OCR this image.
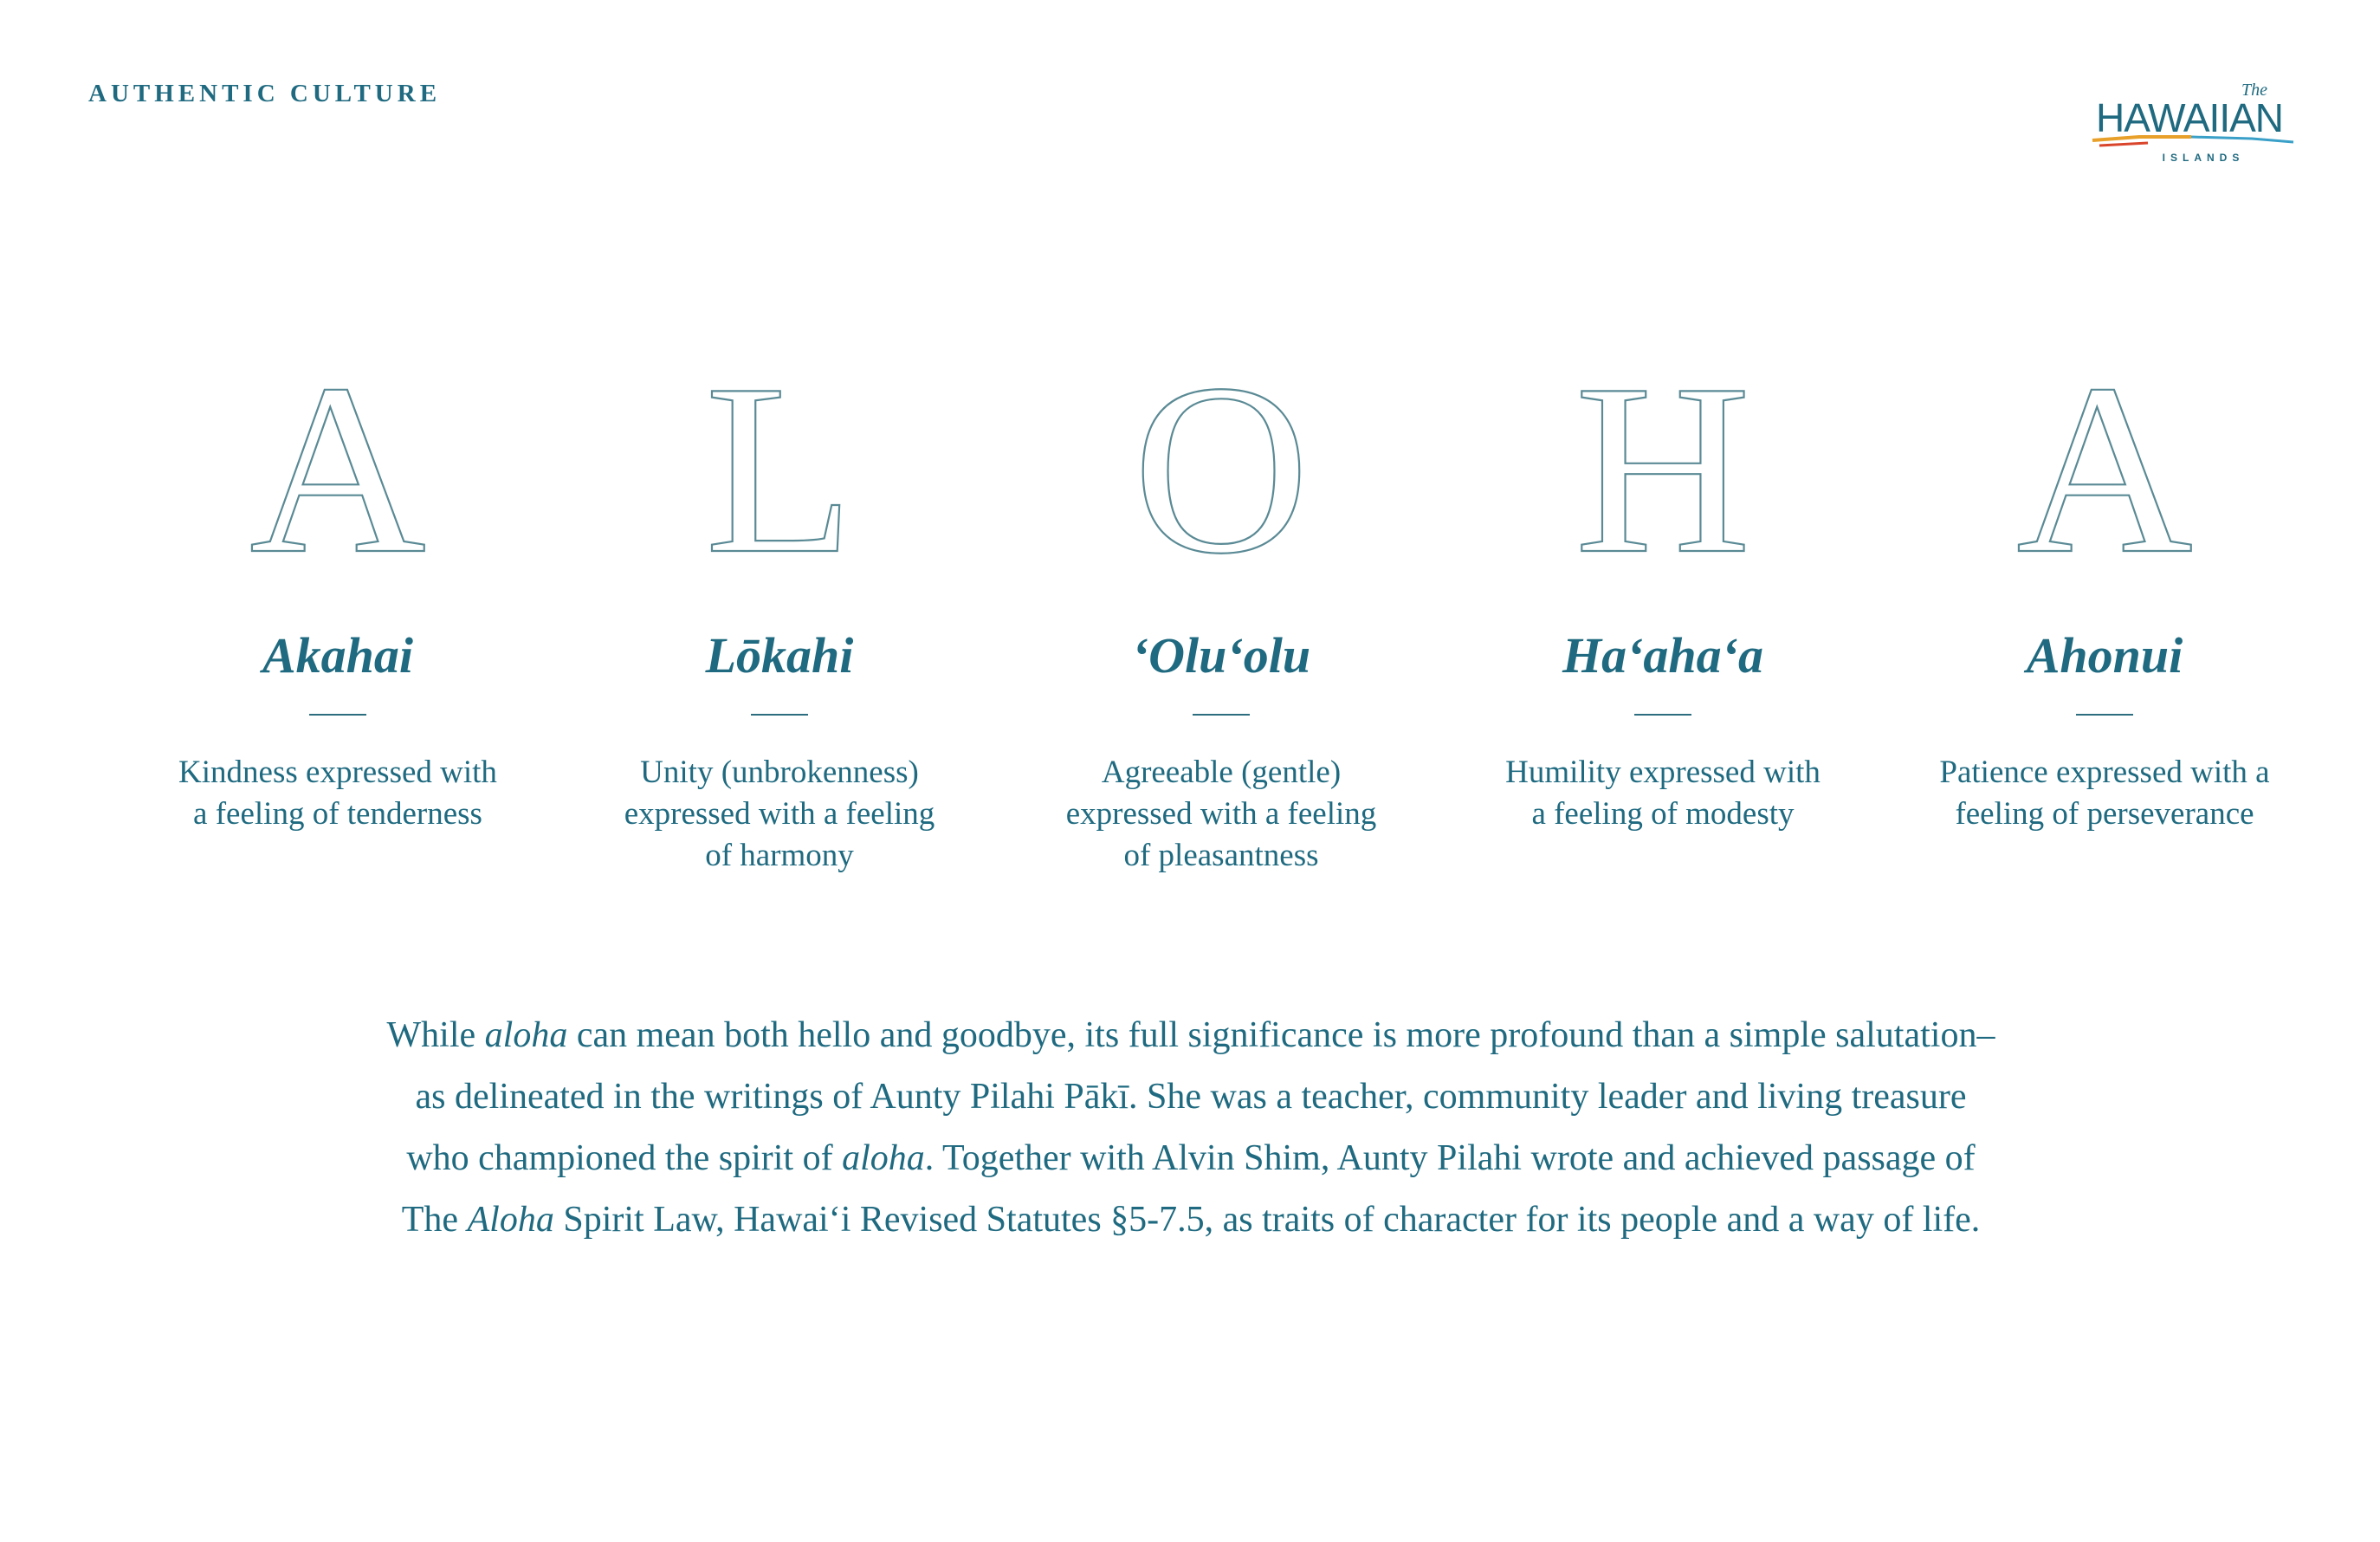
AUTHENTIC CULTURE	The
HAWAIIAN
ISLANDS
A
Akahai
Kindness expressed with
a feeling of tenderness
L
Lōkahi
Unity (unbrokenness)
expressed with a feeling
of harmony
O
ʻOluʻolu
Agreeable (gentle)
expressed with a feeling
of pleasantness
H
Haʻahaʻa
Humility expressed with
a feeling of modesty
A
Ahonui
Patience expressed with a
feeling of perseverance
While aloha can mean both hello and goodbye, its full significance is more profound than a simple salutation–
as delineated in the writings of Aunty Pilahi Pākī. She was a teacher, community leader and living treasure
who championed the spirit of aloha. Together with Alvin Shim, Aunty Pilahi wrote and achieved passage of
The Aloha Spirit Law, Hawaiʻi Revised Statutes §5-7.5, as traits of character for its people and a way of life.
